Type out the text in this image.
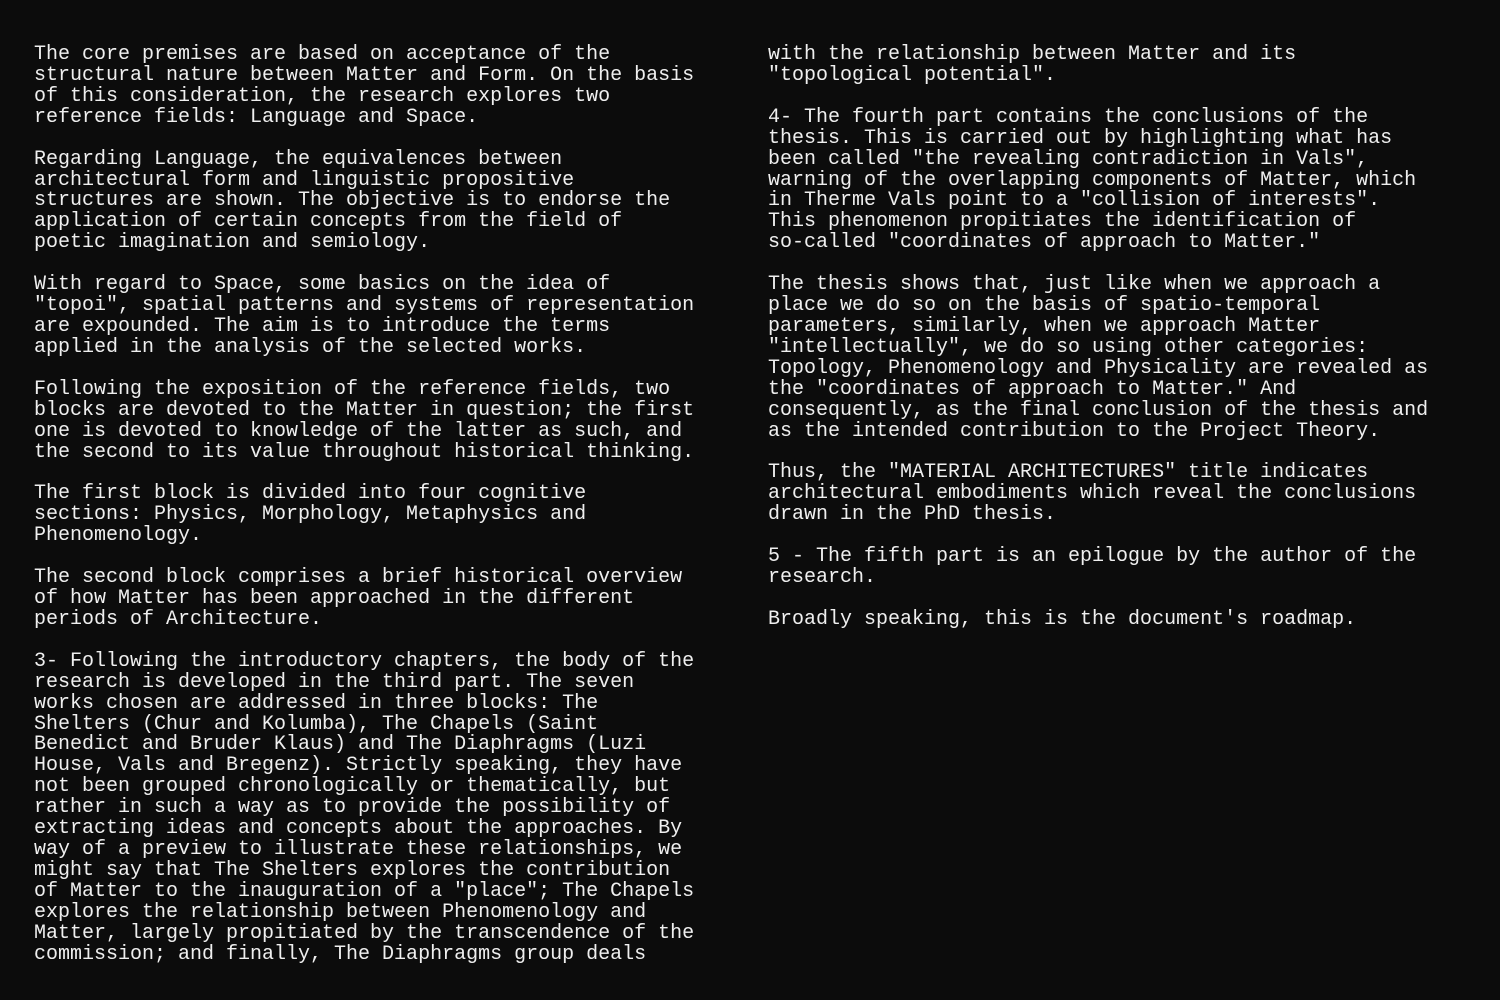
The core premises are based on acceptance of the
structural nature between Matter and Form. On the basis
of this consideration, the research explores two
reference fields: Language and Space.

Regarding Language, the equivalences between
architectural form and linguistic propositive
structures are shown. The objective is to endorse the
application of certain concepts from the field of
poetic imagination and semiology.

With regard to Space, some basics on the idea of
"topoi", spatial patterns and systems of representation
are expounded. The aim is to introduce the terms
applied in the analysis of the selected works.

Following the exposition of the reference fields, two
blocks are devoted to the Matter in question; the first
one is devoted to knowledge of the latter as such, and
the second to its value throughout historical thinking.

The first block is divided into four cognitive
sections: Physics, Morphology, Metaphysics and
Phenomenology.

The second block comprises a brief historical overview
of how Matter has been approached in the different
periods of Architecture.

3- Following the introductory chapters, the body of the
research is developed in the third part. The seven
works chosen are addressed in three blocks: The
Shelters (Chur and Kolumba), The Chapels (Saint
Benedict and Bruder Klaus) and The Diaphragms (Luzi
House, Vals and Bregenz). Strictly speaking, they have
not been grouped chronologically or thematically, but
rather in such a way as to provide the possibility of
extracting ideas and concepts about the approaches. By
way of a preview to illustrate these relationships, we
might say that The Shelters explores the contribution
of Matter to the inauguration of a "place"; The Chapels
explores the relationship between Phenomenology and
Matter, largely propitiated by the transcendence of the
commission; and finally, The Diaphragms group deals

with the relationship between Matter and its
"topological potential".

4- The fourth part contains the conclusions of the
thesis. This is carried out by highlighting what has
been called "the revealing contradiction in Vals",
warning of the overlapping components of Matter, which
in Therme Vals point to a "collision of interests".
This phenomenon propitiates the identification of
so-called "coordinates of approach to Matter."

The thesis shows that, just like when we approach a
place we do so on the basis of spatio-temporal
parameters, similarly, when we approach Matter
"intellectually", we do so using other categories:
Topology, Phenomenology and Physicality are revealed as
the "coordinates of approach to Matter." And
consequently, as the final conclusion of the thesis and
as the intended contribution to the Project Theory.

Thus, the "MATERIAL ARCHITECTURES" title indicates
architectural embodiments which reveal the conclusions
drawn in the PhD thesis.

5 - The fifth part is an epilogue by the author of the
research.

Broadly speaking, this is the document's roadmap.
